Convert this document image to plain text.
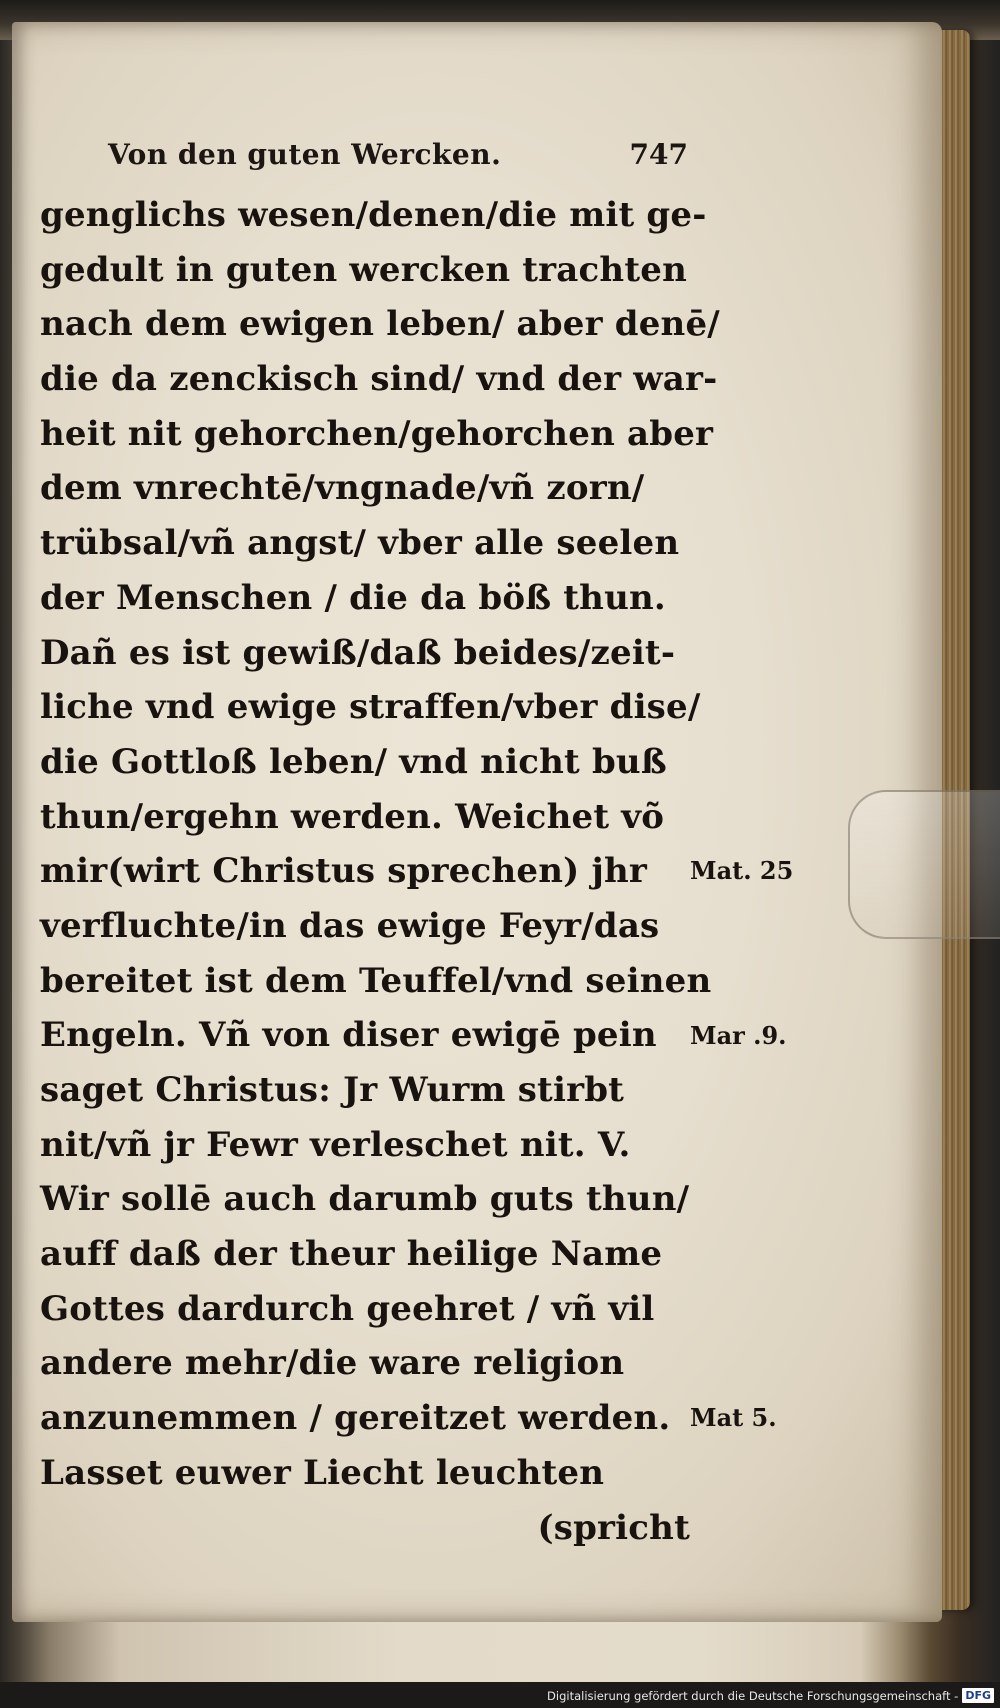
Von den guten Wercken.	747
genglichs wesen/denen/die mit ge-
gedult in guten wercken trachten
nach dem ewigen leben/ aber denē/
die da zenckisch sind/ vnd der war-
heit nit gehorchen/gehorchen aber
dem vnrechtē/vngnade/vñ zorn/
trübsal/vñ angst/ vber alle seelen
der Menschen / die da böß thun.
Dañ es ist gewiß/daß beides/zeit-
liche vnd ewige straffen/vber dise/
die Gottloß leben/ vnd nicht buß
thun/ergehn werden. Weichet võ
mir(wirt Christus sprechen) jhr
verfluchte/in das ewige Feyr/das
bereitet ist dem Teuffel/vnd seinen
Engeln. Vñ von diser ewigē pein
saget Christus: Jr Wurm stirbt
nit/vñ jr Fewr verleschet nit. V.
Wir sollē auch darumb guts thun/
auff daß der theur heilige Name
Gottes dardurch geehret / vñ vil
andere mehr/die ware religion
anzunemmen / gereitzet werden.
Lasset euwer Liecht leuchten
(spricht
Mat. 25
Mar .9.
Mat 5.
Digitalisierung gefördert durch die Deutsche Forschungsgemeinschaft - DFG
